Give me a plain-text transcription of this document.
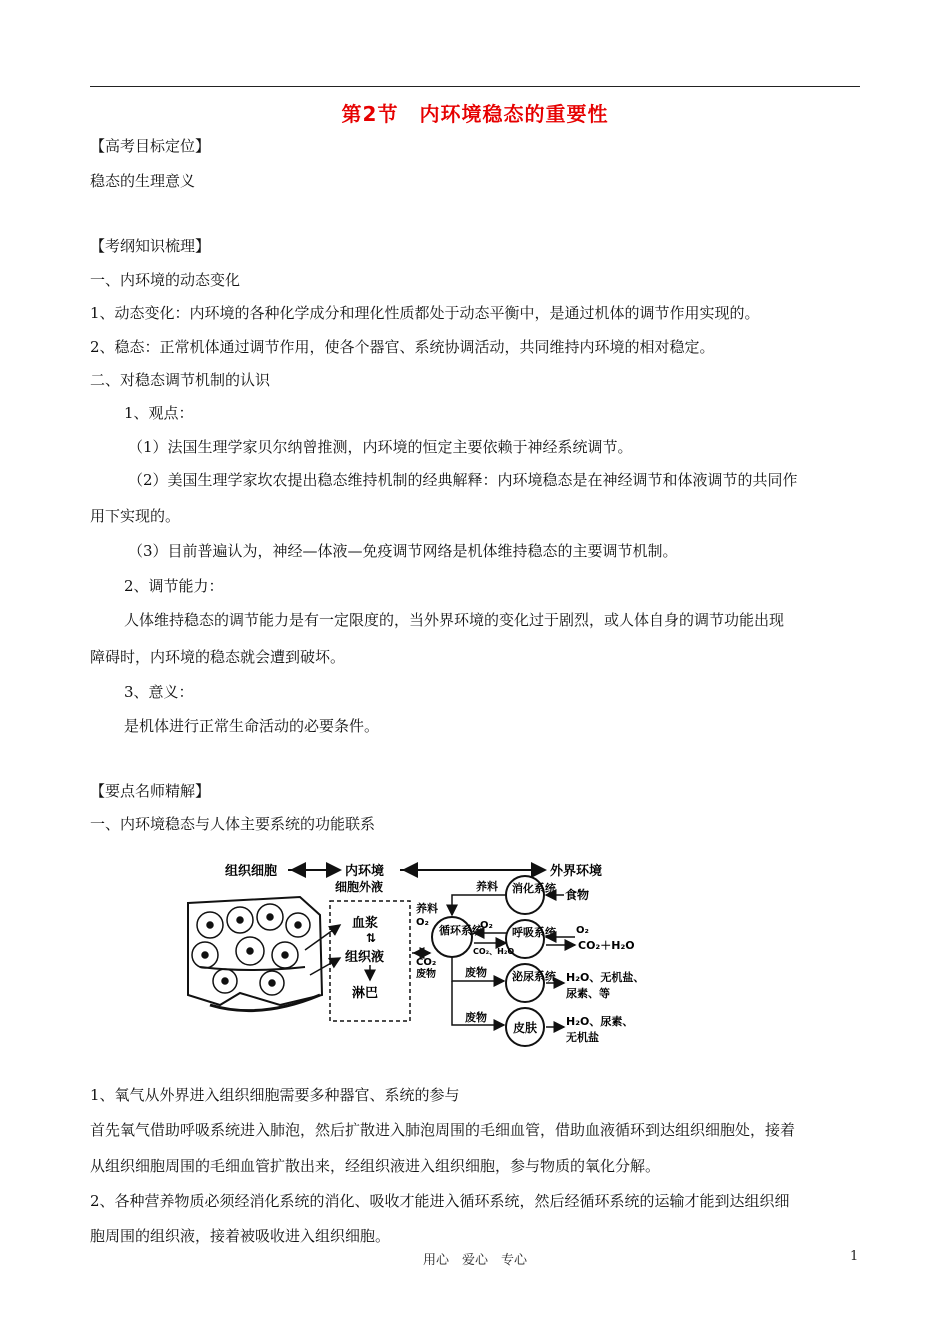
第2节　内环境稳态的重要性
【高考目标定位】
稳态的生理意义
【考纲知识梳理】
一、内环境的动态变化
1、动态变化：内环境的各种化学成分和理化性质都处于动态平衡中，是通过机体的调节作用实现的。
2、稳态：正常机体通过调节作用，使各个器官、系统协调活动，共同维持内环境的相对稳定。
二、对稳态调节机制的认识
1、观点：
（1）法国生理学家贝尔纳曾推测，内环境的恒定主要依赖于神经系统调节。
（2）美国生理学家坎农提出稳态维持机制的经典解释：内环境稳态是在神经调节和体液调节的共同作
用下实现的。
（3）目前普遍认为，神经—体液—免疫调节网络是机体维持稳态的主要调节机制。
2、调节能力：
人体维持稳态的调节能力是有一定限度的，当外界环境的变化过于剧烈，或人体自身的调节功能出现
障碍时，内环境的稳态就会遭到破坏。
3、意义：
是机体进行正常生命活动的必要条件。
【要点名师精解】
一、内环境稳态与人体主要系统的功能联系
组织细胞	内环境
细胞外液
外界环境
血浆
⇅
组织液
淋巴
循环系统
养料
O₂
CO₂
废物
消化系统
养料
食物
呼吸系统
O₂
CO₂、H₂O
O₂
CO₂＋H₂O
泌尿系统
废物	H₂O、无机盐、
尿素、等
皮肤
废物	H₂O、尿素、
无机盐
1、氧气从外界进入组织细胞需要多种器官、系统的参与
首先氧气借助呼吸系统进入肺泡，然后扩散进入肺泡周围的毛细血管，借助血液循环到达组织细胞处，接着
从组织细胞周围的毛细血管扩散出来，经组织液进入组织细胞，参与物质的氧化分解。
2、各种营养物质必须经消化系统的消化、吸收才能进入循环系统，然后经循环系统的运输才能到达组织细
胞周围的组织液，接着被吸收进入组织细胞。
用心　爱心　专心	1
